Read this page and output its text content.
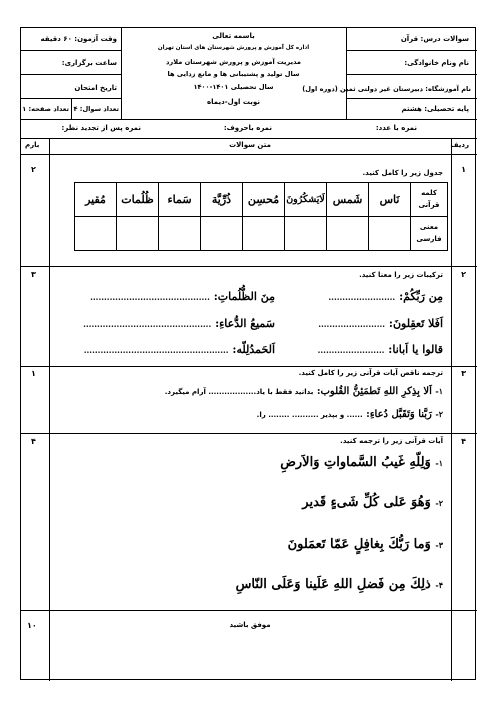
سوالات درس: قرآن
نام ونام خانوادگی:
نام آموزشگاه: دبیرستان غیر دولتی ثمین (دوره اول)
پایه تحصیلی: هشتم
باسمه تعالی
اداره کل آموزش و پرورش شهرستان های استان تهران
مدیریت آموزش و پرورش شهرستان ملارد
سال تولید و پشتیبانی ها و مانع زدایی ها
سال تحصیلی ۱۴۰۱-۱۴۰۰
نوبت اول-دیماه
وقت آزمون: ۶۰ دقیقه
ساعت برگزاری:
تاریخ امتحان
تعداد سوال: ۴
تعداد صفحه: ۱
نمره با عدد:
نمره باحروف:
نمره پس از تجدید نظر:
ردیف
متن سوالات
بارم
۱
۲	جدول زیر را کامل کنید.
کلمه قرآنی	نَاس	شَمس	لَایَشکُرُونَ	مُحسِن	ذُرِّیَّة	سَماء	ظُلُمات	مُقیر
معنی فارسی								
۲
۳	ترکیبات زیر را معنا کنید.
مِن رَبِّكُمْ: ........................
مِنَ الظُّلُماتِ: ...........................................
اَفَلا تَعقِلونَ: ........................
سَمیعُ الدُّعاءِ: ..............................................
قالوا یا اَبانا: ........................
اَلحَمدُلِلّه: ....................................................
۳
۱	ترجمه ناقص آیات قرآنی زیر را کامل کنید.
۱- اَلا بِذِکرِ اللهِ تَطمَئِنُّ القُلوب: بدانید فقط با یاد.................. آرام میگیرد.
۲- رَبَّنا وَتَقَبَّل دُعاءِ: ...... و بپذیر .......... ........ را.
۴
۴	آیات قرآنی زیر را ترجمه کنید.
۱- وَلِلّهِ غَیبُ السَّماواتِ وَالاَرضِ
۲- وَهُوَ عَلی کُلِّ شَیءٍ قَدیر
۳- وَما رَبُّكَ بِغافِلٍ عَمّا تَعمَلونَ
۴- ذلِكَ مِن فَضلِ اللهِ عَلَینا وَعَلَی النّاسِ
۱۰	موفق باشید
